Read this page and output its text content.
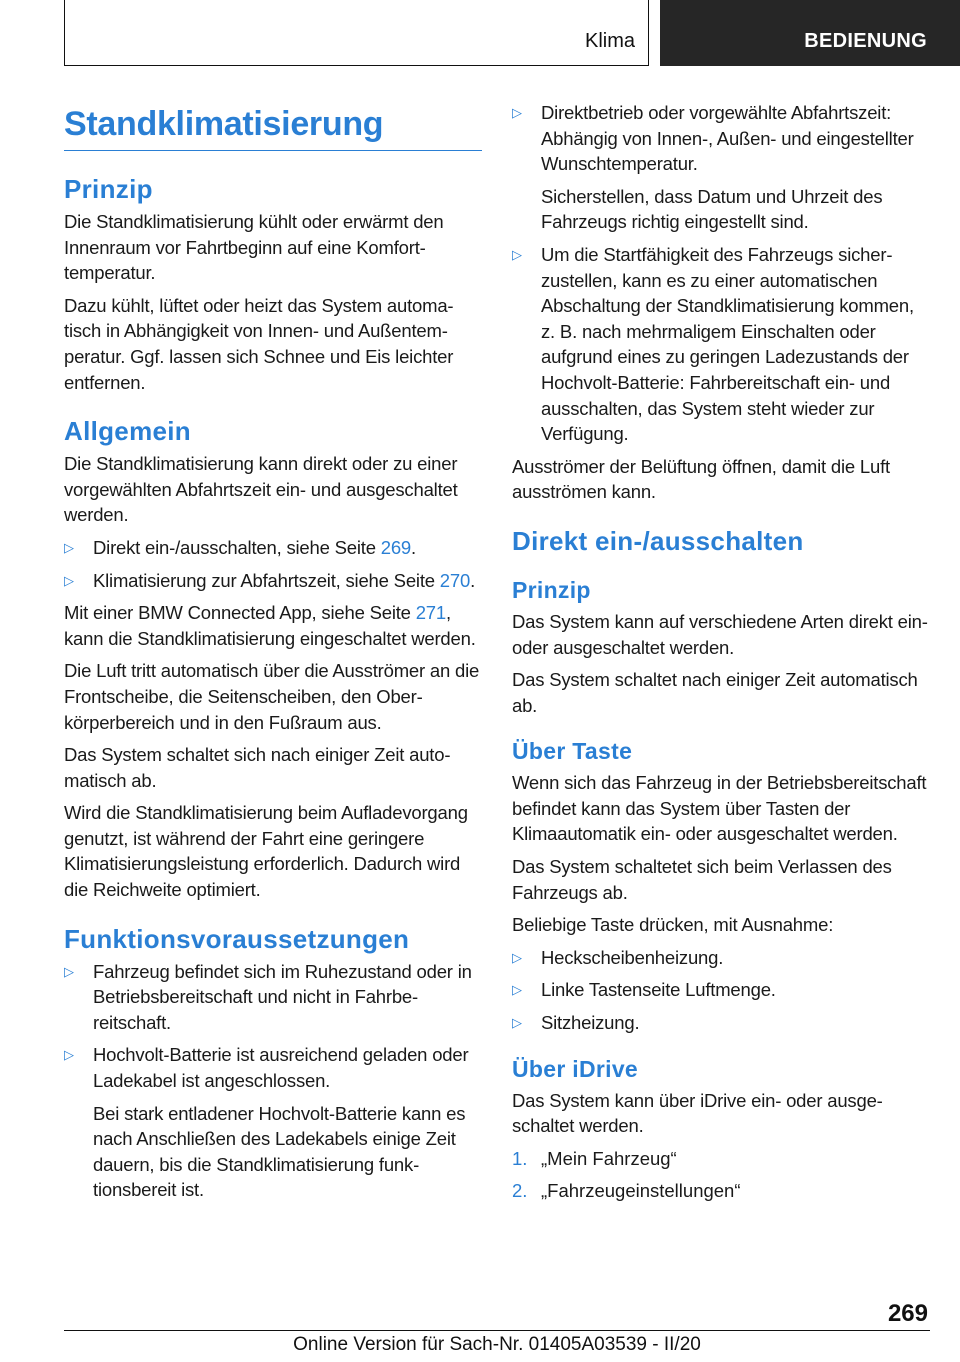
Klima	BEDIENUNG
Standklimatisierung
Prinzip

Die Standklimatisierung kühlt oder erwärmt den Innenraum vor Fahrtbeginn auf eine Komforttemperatur.

Dazu kühlt, lüftet oder heizt das System automatisch in Abhängigkeit von Innen- und Außentemperatur. Ggf. lassen sich Schnee und Eis leichter entfernen.

Allgemein

Die Standklimatisierung kann direkt oder zu einer vorgewählten Abfahrtszeit ein- und ausgeschaltet werden.

▷ Direkt ein-/ausschalten, siehe Seite 269.
▷ Klimatisierung zur Abfahrtszeit, siehe Seite 270.

Mit einer BMW Connected App, siehe Seite 271, kann die Standklimatisierung eingeschaltet werden.

Die Luft tritt automatisch über die Ausströmer an die Frontscheibe, die Seitenscheiben, den Oberkörperbereich und in den Fußraum aus.

Das System schaltet sich nach einiger Zeit automatisch ab.

Wird die Standklimatisierung beim Aufladevorgang genutzt, ist während der Fahrt eine geringere Klimatisierungsleistung erforderlich. Dadurch wird die Reichweite optimiert.

Funktionsvoraussetzungen
▷ Fahrzeug befindet sich im Ruhezustand oder in Betriebsbereitschaft und nicht in Fahrbereitschaft.
▷ Hochvolt-Batterie ist ausreichend geladen oder Ladekabel ist angeschlossen.
Bei stark entladener Hochvolt-Batterie kann es nach Anschließen des Ladekabels einige Zeit dauern, bis die Standklimatisierung funktionsbereit ist.
▷ Direktbetrieb oder vorgewählte Abfahrtszeit: Abhängig von Innen-, Außen- und eingestellter Wunschtemperatur.
Sicherstellen, dass Datum und Uhrzeit des Fahrzeugs richtig eingestellt sind.
▷ Um die Startfähigkeit des Fahrzeugs sicherzustellen, kann es zu einer automatischen Abschaltung der Standklimatisierung kommen, z. B. nach mehrmaligem Einschalten oder aufgrund eines zu geringen Ladezustands der Hochvolt-Batterie: Fahrbereitschaft ein- und ausschalten, das System steht wieder zur Verfügung.

Ausströmer der Belüftung öffnen, damit die Luft ausströmen kann.

Direkt ein-/ausschalten
Prinzip

Das System kann auf verschiedene Arten direkt ein- oder ausgeschaltet werden.

Das System schaltet nach einiger Zeit automatisch ab.

Über Taste

Wenn sich das Fahrzeug in der Betriebsbereitschaft befindet kann das System über Tasten der Klimaautomatik ein- oder ausgeschaltet werden.

Das System schaltetet sich beim Verlassen des Fahrzeugs ab.

Beliebige Taste drücken, mit Ausnahme:

▷ Heckscheibenheizung.
▷ Linke Tastenseite Luftmenge.
▷ Sitzheizung.
Über iDrive

Das System kann über iDrive ein- oder ausgeschaltet werden.

1. „Mein Fahrzeug“
2. „Fahrzeugeinstellungen“
269
Online Version für Sach-Nr. 01405A03539 - II/20
